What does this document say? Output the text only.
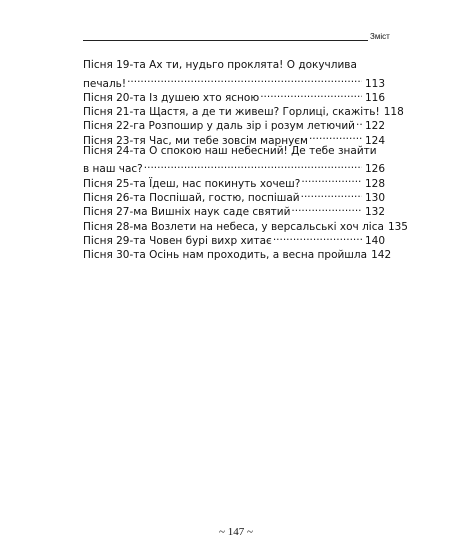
Зміст
Пісня 19-та Ах ти, нудьго проклята! О докучлива
печаль! .....	113
Пісня 20-та Із душею хто ясною .....	116
Пісня 21-та Щастя, а де ти живеш? Горлиці, скажіть! 118
Пісня 22-га Розпошир у даль зір і розум летючий ..... 122
Пісня 23-тя Час, ми тебе зовсім марнуєм .....	124
Пісня 24-та О спокою наш небесний! Де тебе знайти
в наш час? .....	126
Пісня 25-та Їдеш, нас покинуть хочеш? .....	128
Пісня 26-та Поспішай, гостю, поспішай .....	130
Пісня 27-ма Вишніх наук саде святий .....	132
Пісня 28-ма Возлети на небеса, у версальські хоч ліса 135
Пісня 29-та Човен бурі вихр хитає .....	140
Пісня 30-та Осінь нам проходить, а весна пройшла 142
~ 147 ~
